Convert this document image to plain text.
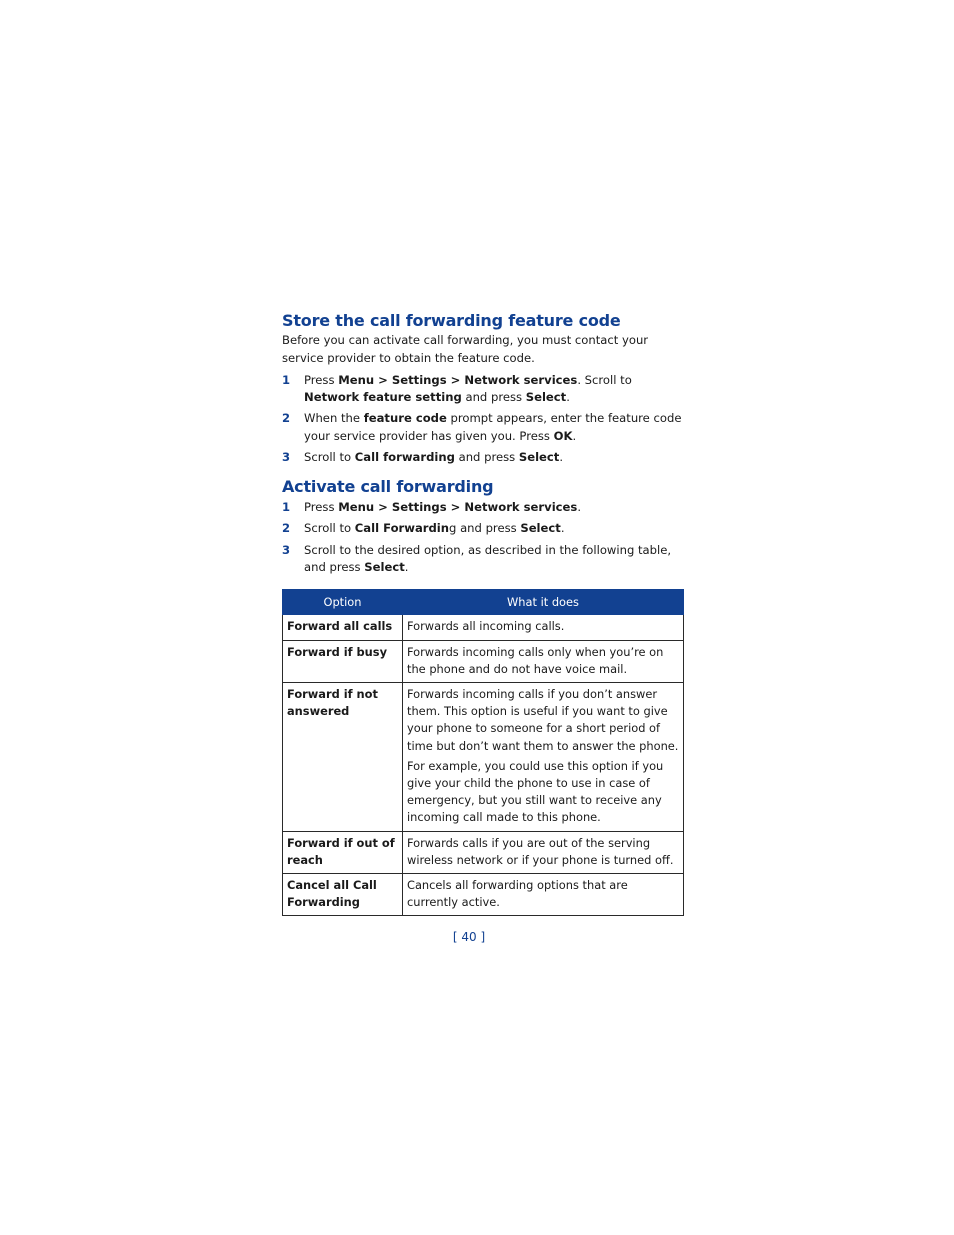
Store the call forwarding feature code

Before you can activate call forwarding, you must contact your service provider to obtain the feature code.

1 Press Menu > Settings > Network services. Scroll to Network feature setting and press Select.
2 When the feature code prompt appears, enter the feature code your service provider has given you. Press OK.
3 Scroll to Call forwarding and press Select.
Activate call forwarding
1 Press Menu > Settings > Network services.
2 Scroll to Call Forwarding and press Select.
3 Scroll to the desired option, as described in the following table, and press Select.
Option	What it does
Forward all calls	Forwards all incoming calls.

Forward if busy	Forwards incoming calls only when you’re on the phone and do not have voice mail.

Forward if not answered	Forwards incoming calls if you don’t answer them. This option is useful if you want to give your phone to someone for a short period of time but don’t want them to answer the phone.

For example, you could use this option if you give your child the phone to use in case of emergency, but you still want to receive any incoming call made to this phone.

Forward if out of reach	Forwards calls if you are out of the serving wireless network or if your phone is turned off.

Cancel all Call Forwarding	Cancels all forwarding options that are currently active.

[ 40 ]
